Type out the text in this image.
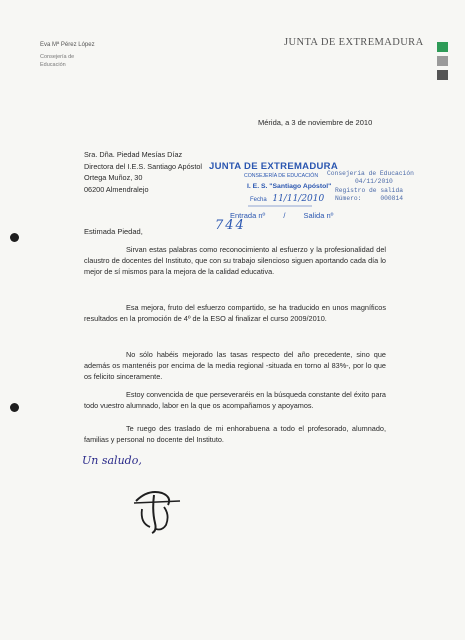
Eva Mª Pérez López
Consejería de Educación
JUNTA DE EXTREMADURA
Mérida, a 3 de noviembre de 2010
Sra. Dña. Piedad Mesías Díaz
Directora del I.E.S. Santiago Apóstol
Ortega Muñoz, 30
06200 Almendralejo
JUNTA DE EXTREMADURA
CONSEJERÍA DE EDUCACIÓN
I. E. S. "Santiago Apóstol"
Fecha 11/11/2010
Entrada nº / Salida nº
744
Consejería de Educación
04/11/2010
Registro de salida
Número:     000814
Estimada Piedad,

Sirvan estas palabras como reconocimiento al esfuerzo y la profesionalidad del claustro de docentes del Instituto, que con su trabajo silencioso siguen aportando cada día lo mejor de sí mismos para la mejora de la calidad educativa.

Esa mejora, fruto del esfuerzo compartido, se ha traducido en unos magníficos resultados en la promoción de 4º de la ESO al finalizar el curso 2009/2010.

No sólo habéis mejorado las tasas respecto del año precedente, sino que además os mantenéis por encima de la media regional -situada en torno al 83%-, por lo que os felicito sinceramente.

Estoy convencida de que perseveraréis en la búsqueda constante del éxito para todo vuestro alumnado, labor en la que os acompañamos y apoyamos.

Te ruego des traslado de mi enhorabuena a todo el profesorado, alumnado, familias y personal no docente del Instituto.

Un saludo,
